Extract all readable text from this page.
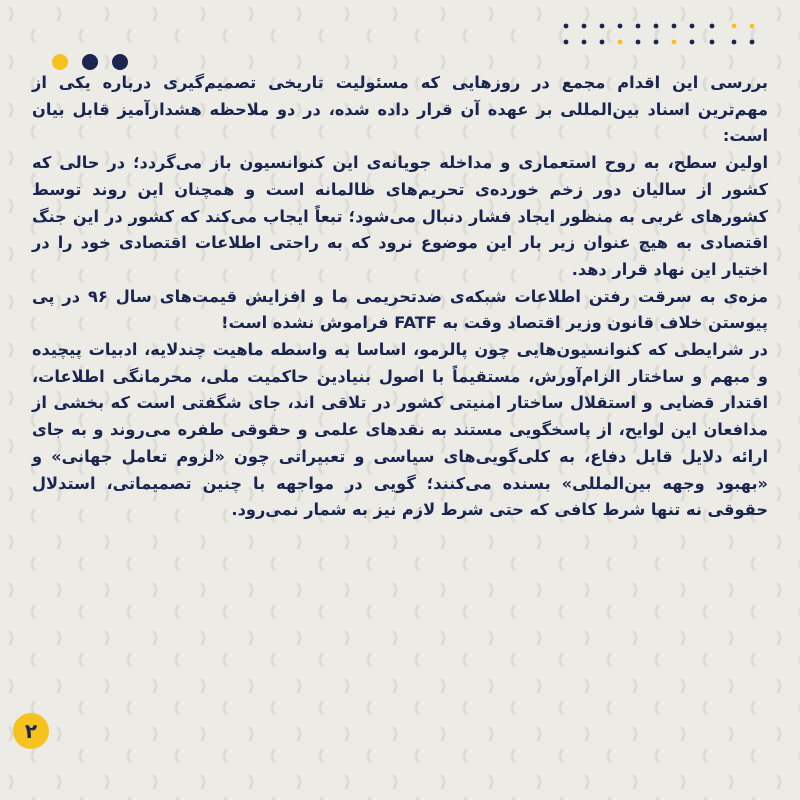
بررسی این اقدام مجمع در روزهایی که مسئولیت تاریخی تصمیم‌گیری درباره یکی از مهم‌ترین اسناد بین‌المللی بر عهده آن قرار داده شده، در دو ملاحظه هشدارآمیز قابل بیان است:

اولین سطح، به روح استعماری و مداخله جویانه‌ی این کنوانسیون باز می‌گردد؛ در حالی که کشور از سالیان دور زخم خورده‌ی تحریم‌های ظالمانه است و همچنان این روند توسط کشورهای غربی به منظور ایجاد فشار دنبال می‌شود؛ تبعاً ایجاب می‌کند که کشور در این جنگ اقتصادی به هیچ عنوان زیر بار این موضوع نرود که به راحتی اطلاعات اقتصادی خود را در اختیار این نهاد قرار دهد.

مزه‌ی به سرقت رفتن اطلاعات شبکه‌ی ضدتحریمی ما و افزایش قیمت‌های سال ۹۶ در پی پیوستن خلاف قانون وزیر اقتصاد وقت به FATF فراموش نشده است!

در شرایطی که کنوانسیون‌هایی چون پالرمو، اساسا به واسطه ماهیت چندلایه، ادبیات پیچیده و مبهم و ساختار الزام‌آورش، مستقیماً با اصول بنیادین حاکمیت ملی، محرمانگی اطلاعات، اقتدار قضایی و استقلال ساختار امنیتی کشور در تلاقی اند، جای شگفتی است که بخشی از مدافعان این لوایح، از پاسخگویی مستند به نقدهای علمی و حقوقی طفره می‌روند و به جای ارائه دلایل قابل دفاع، به کلی‌گویی‌های سیاسی و تعبیراتی چون «لزوم تعامل جهانی» و «بهبود وجهه بین‌المللی» بسنده می‌کنند؛ گویی در مواجهه با چنین تصمیماتی، استدلال حقوقی نه تنها شرط کافی که حتی شرط لازم نیز به شمار نمی‌رود.

۲
